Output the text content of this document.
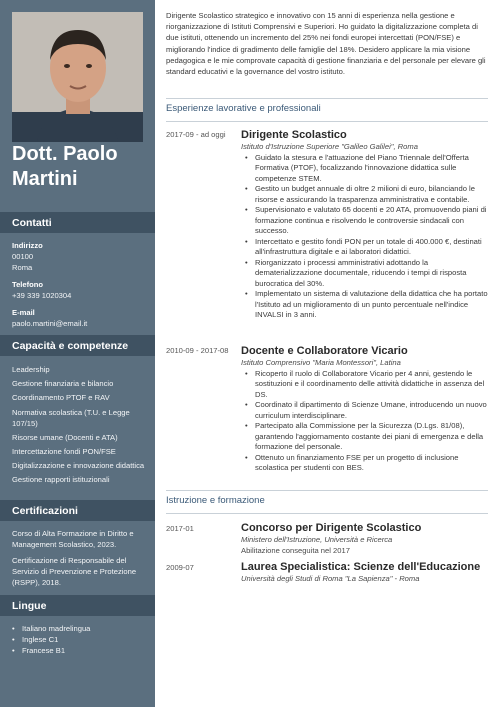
Dott. Paolo
Martini
Contatti
Indirizzo
00100
Roma
Telefono
+39 339 1020304
E-mail
paolo.martini@email.it
Capacità e competenze
Leadership
Gestione finanziaria e bilancio
Coordinamento PTOF e RAV
Normativa scolastica (T.U. e Legge 107/15)
Risorse umane (Docenti e ATA)
Intercettazione fondi PON/FSE
Digitalizzazione e innovazione didattica
Gestione rapporti istituzionali
Certificazioni
Corso di Alta Formazione in Diritto e Management Scolastico, 2023.
Certificazione di Responsabile del Servizio di Prevenzione e Protezione (RSPP), 2018.
Lingue
• Italiano madrelingua
• Inglese C1
• Francese B1
Dirigente Scolastico strategico e innovativo con 15 anni di esperienza nella gestione e riorganizzazione di Istituti Comprensivi e Superiori. Ho guidato la digitalizzazione completa di due istituti, ottenendo un incremento del 25% nei fondi europei intercettati (PON/FSE) e migliorando l'indice di gradimento delle famiglie del 18%. Desidero applicare la mia visione pedagogica e le mie comprovate capacità di gestione finanziaria e del personale per elevare gli standard educativi e la governance del vostro istituto.
Esperienze lavorative e professionali
2017-09 - ad oggi	Dirigente Scolastico
Istituto d'Istruzione Superiore "Galileo Galilei", Roma
• Guidato la stesura e l'attuazione del Piano Triennale dell'Offerta Formativa (PTOF), focalizzando l'innovazione didattica sulle competenze STEM.
• Gestito un budget annuale di oltre 2 milioni di euro, bilanciando le risorse e assicurando la trasparenza amministrativa e contabile.
• Supervisionato e valutato 65 docenti e 20 ATA, promuovendo piani di formazione continua e risolvendo le controversie sindacali con successo.
• Intercettato e gestito fondi PON per un totale di 400.000 €, destinati all'infrastruttura digitale e ai laboratori didattici.
• Riorganizzato i processi amministrativi adottando la dematerializzazione documentale, riducendo i tempi di risposta burocratica del 30%.
• Implementato un sistema di valutazione della didattica che ha portato l'Istituto ad un miglioramento di un punto percentuale nell'indice INVALSI in 3 anni.
2010-09 - 2017-08	Docente e Collaboratore Vicario
Istituto Comprensivo "Maria Montessori", Latina
• Ricoperto il ruolo di Collaboratore Vicario per 4 anni, gestendo le sostituzioni e il coordinamento delle attività didattiche in assenza del DS.
• Coordinato il dipartimento di Scienze Umane, introducendo un nuovo curriculum interdisciplinare.
• Partecipato alla Commissione per la Sicurezza (D.Lgs. 81/08), garantendo l'aggiornamento costante dei piani di emergenza e della formazione del personale.
• Ottenuto un finanziamento FSE per un progetto di inclusione scolastica per studenti con BES.
Istruzione e formazione
2017-01	Concorso per Dirigente Scolastico
Ministero dell'Istruzione, Università e Ricerca
Abilitazione conseguita nel 2017
2009-07	Laurea Specialistica: Scienze dell'Educazione
Università degli Studi di Roma "La Sapienza" - Roma
